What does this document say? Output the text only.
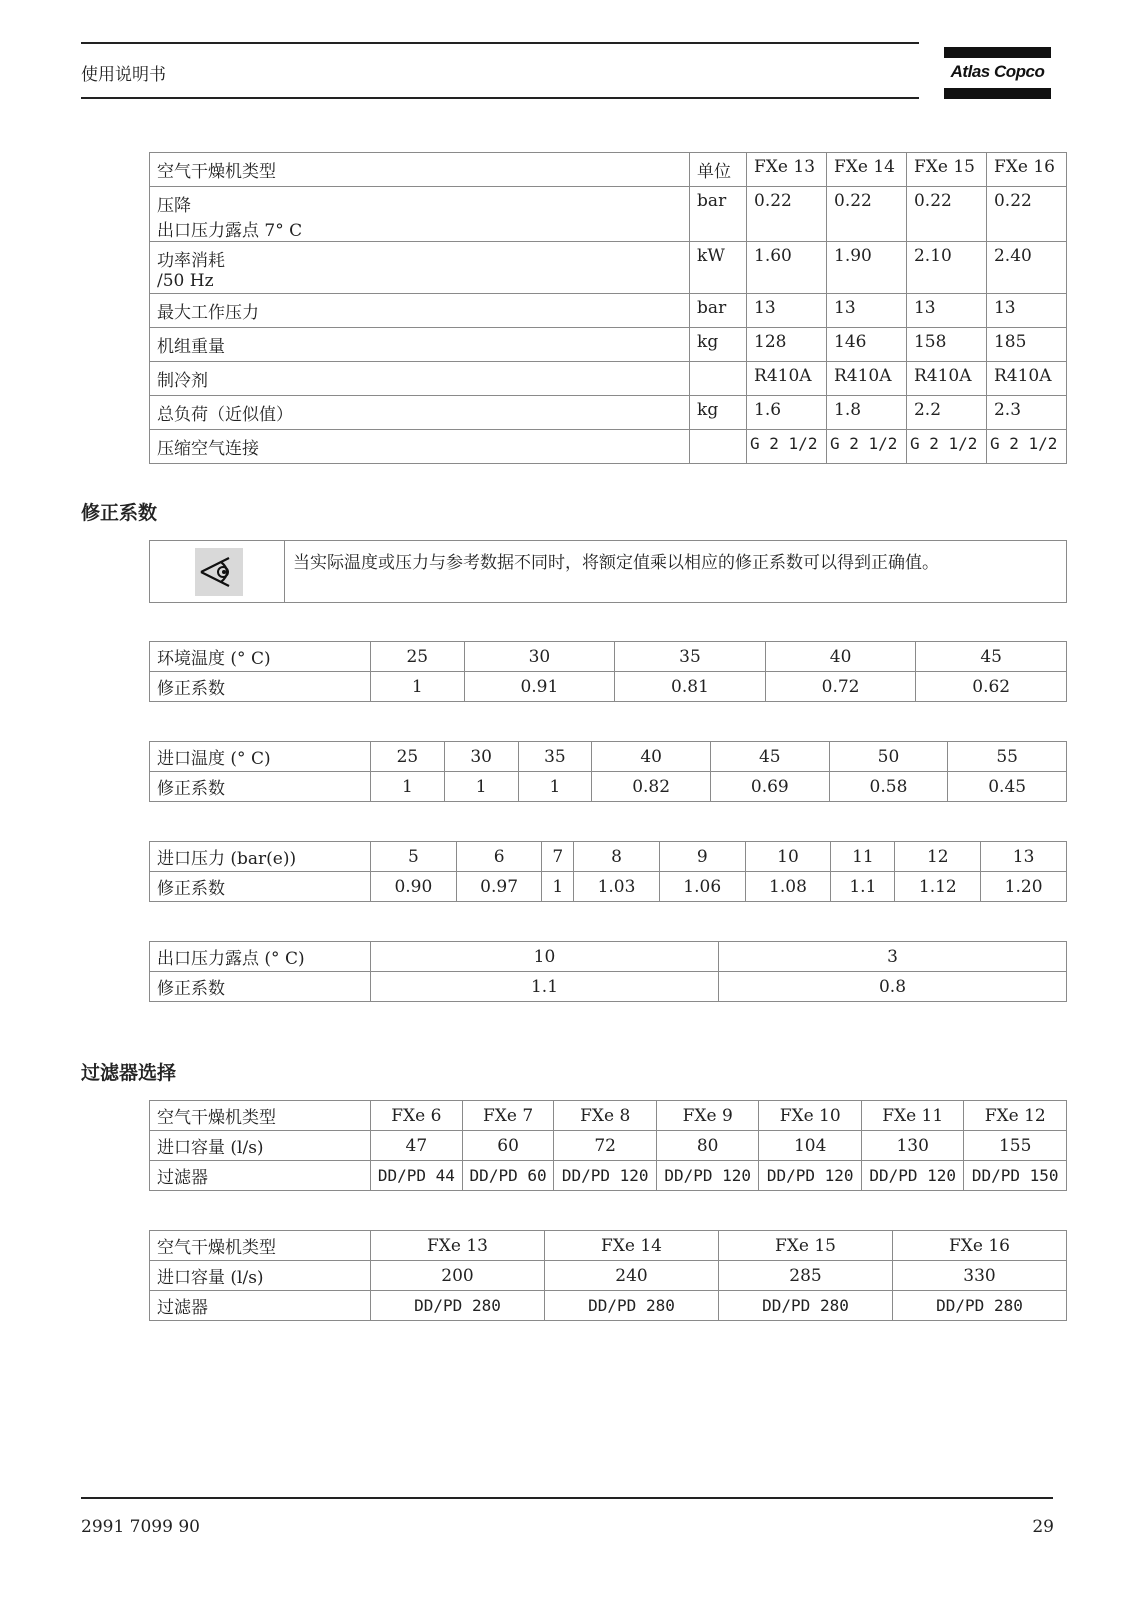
使用说明书	Atlas Copco
空气干燥机类型	单位	FXe 13	FXe 14	FXe 15	FXe 16

压降
出口压力露点 7° C	bar	0.22	0.22	0.22	0.22

功率消耗
/50 Hz	kW	1.60	1.90	2.10	2.40
最大工作压力	bar	13	13	13	13
机组重量	kg	128	146	158	185
制冷剂		R410A	R410A	R410A	R410A
总负荷（近似值）	kg	1.6	1.8	2.2	2.3
压缩空气连接		G 2 1/2	G 2 1/2	G 2 1/2	G 2 1/2
修正系数
当实际温度或压力与参考数据不同时，将额定值乘以相应的修正系数可以得到正确值。
环境温度 (° C)	25	30	35	40	45
修正系数	1	0.91	0.81	0.72	0.62
进口温度 (° C)	25	30	35	40	45	50	55
修正系数	1	1	1	0.82	0.69	0.58	0.45
进口压力 (bar(e))	5	6	7	8	9	10	11	12	13
修正系数	0.90	0.97	1	1.03	1.06	1.08	1.1	1.12	1.20
出口压力露点 (° C)	10	3
修正系数	1.1	0.8
过滤器选择
空气干燥机类型	FXe 6	FXe 7	FXe 8	FXe 9	FXe 10	FXe 11	FXe 12
进口容量 (l/s)	47	60	72	80	104	130	155
过滤器	DD/PD 44	DD/PD 60	DD/PD 120	DD/PD 120	DD/PD 120	DD/PD 120	DD/PD 150
空气干燥机类型	FXe 13	FXe 14	FXe 15	FXe 16
进口容量 (l/s)	200	240	285	330
过滤器	DD/PD 280	DD/PD 280	DD/PD 280	DD/PD 280
2991 7099 90	29
